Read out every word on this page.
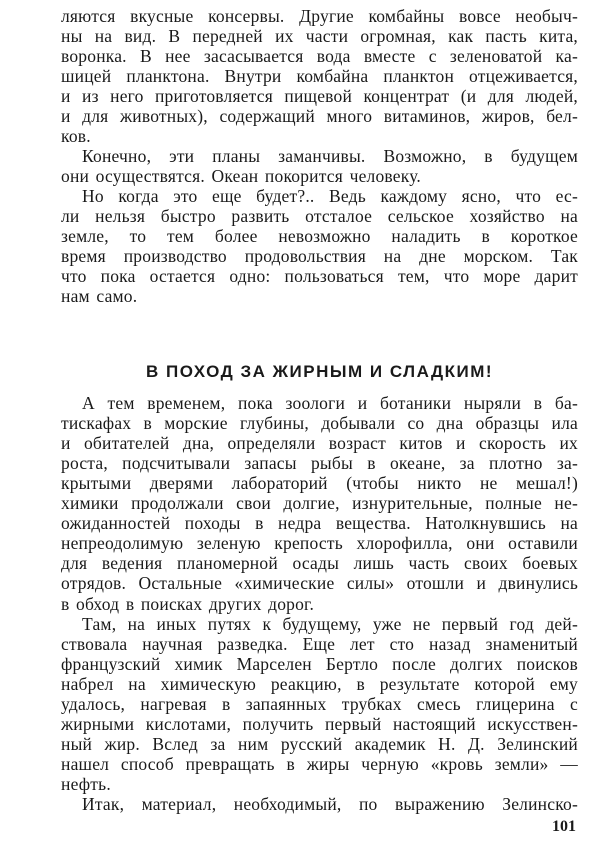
ляются вкусные консервы. Другие комбайны вовсе необыч-
ны на вид. В передней их части огромная, как пасть кита,
воронка. В нее засасывается вода вместе с зеленоватой ка-
шицей планктона. Внутри комбайна планктон отцеживается,
и из него приготовляется пищевой концентрат (и для людей,
и для животных), содержащий много витаминов, жиров, бел-
ков.
Конечно, эти планы заманчивы. Возможно, в будущем
они осуществятся. Океан покорится человеку.
Но когда это еще будет?.. Ведь каждому ясно, что ес-
ли нельзя быстро развить отсталое сельское хозяйство на
земле, то тем более невозможно наладить в короткое
время производство продовольствия на дне морском. Так
что пока остается одно: пользоваться тем, что море дарит
нам само.
В ПОХОД ЗА ЖИРНЫМ И СЛАДКИМ!
А тем временем, пока зоологи и ботаники ныряли в ба-
тискафах в морские глубины, добывали со дна образцы ила
и обитателей дна, определяли возраст китов и скорость их
роста, подсчитывали запасы рыбы в океане, за плотно за-
крытыми дверями лабораторий (чтобы никто не мешал!)
химики продолжали свои долгие, изнурительные, полные не-
ожиданностей походы в недра вещества. Натолкнувшись на
непреодолимую зеленую крепость хлорофилла, они оставили
для ведения планомерной осады лишь часть своих боевых
отрядов. Остальные «химические силы» отошли и двинулись
в обход в поисках других дорог.
Там, на иных путях к будущему, уже не первый год дей-
ствовала научная разведка. Еще лет сто назад знаменитый
французский химик Марселен Бертло после долгих поисков
набрел на химическую реакцию, в результате которой ему
удалось, нагревая в запаянных трубках смесь глицерина с
жирными кислотами, получить первый настоящий искусствен-
ный жир. Вслед за ним русский академик Н. Д. Зелинский
нашел способ превращать в жиры черную «кровь земли» —
нефть.
Итак, материал, необходимый, по выражению Зелинско-
101
